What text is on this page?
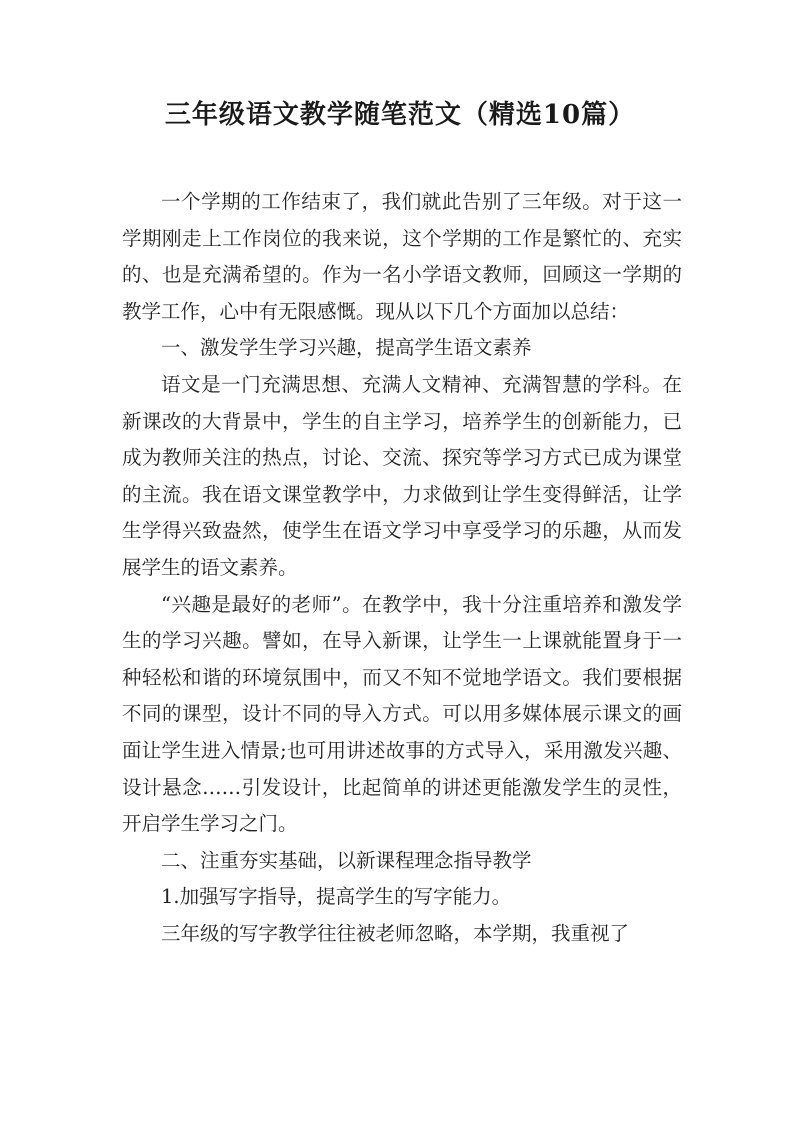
三年级语文教学随笔范文（精选10篇）

一个学期的工作结束了，我们就此告别了三年级。对于这一学期刚走上工作岗位的我来说，这个学期的工作是繁忙的、充实的、也是充满希望的。作为一名小学语文教师，回顾这一学期的教学工作，心中有无限感慨。现从以下几个方面加以总结：

一、激发学生学习兴趣，提高学生语文素养

语文是一门充满思想、充满人文精神、充满智慧的学科。在新课改的大背景中，学生的自主学习，培养学生的创新能力，已成为教师关注的热点，讨论、交流、探究等学习方式已成为课堂的主流。我在语文课堂教学中，力求做到让学生变得鲜活，让学生学得兴致盎然，使学生在语文学习中享受学习的乐趣，从而发展学生的语文素养。

“兴趣是最好的老师”。在教学中，我十分注重培养和激发学生的学习兴趣。譬如，在导入新课，让学生一上课就能置身于一种轻松和谐的环境氛围中，而又不知不觉地学语文。我们要根据不同的课型，设计不同的导入方式。可以用多媒体展示课文的画面让学生进入情景;也可用讲述故事的方式导入，采用激发兴趣、设计悬念……引发设计，比起简单的讲述更能激发学生的灵性，开启学生学习之门。

二、注重夯实基础，以新课程理念指导教学

1.加强写字指导，提高学生的写字能力。

三年级的写字教学往往被老师忽略，本学期，我重视了
